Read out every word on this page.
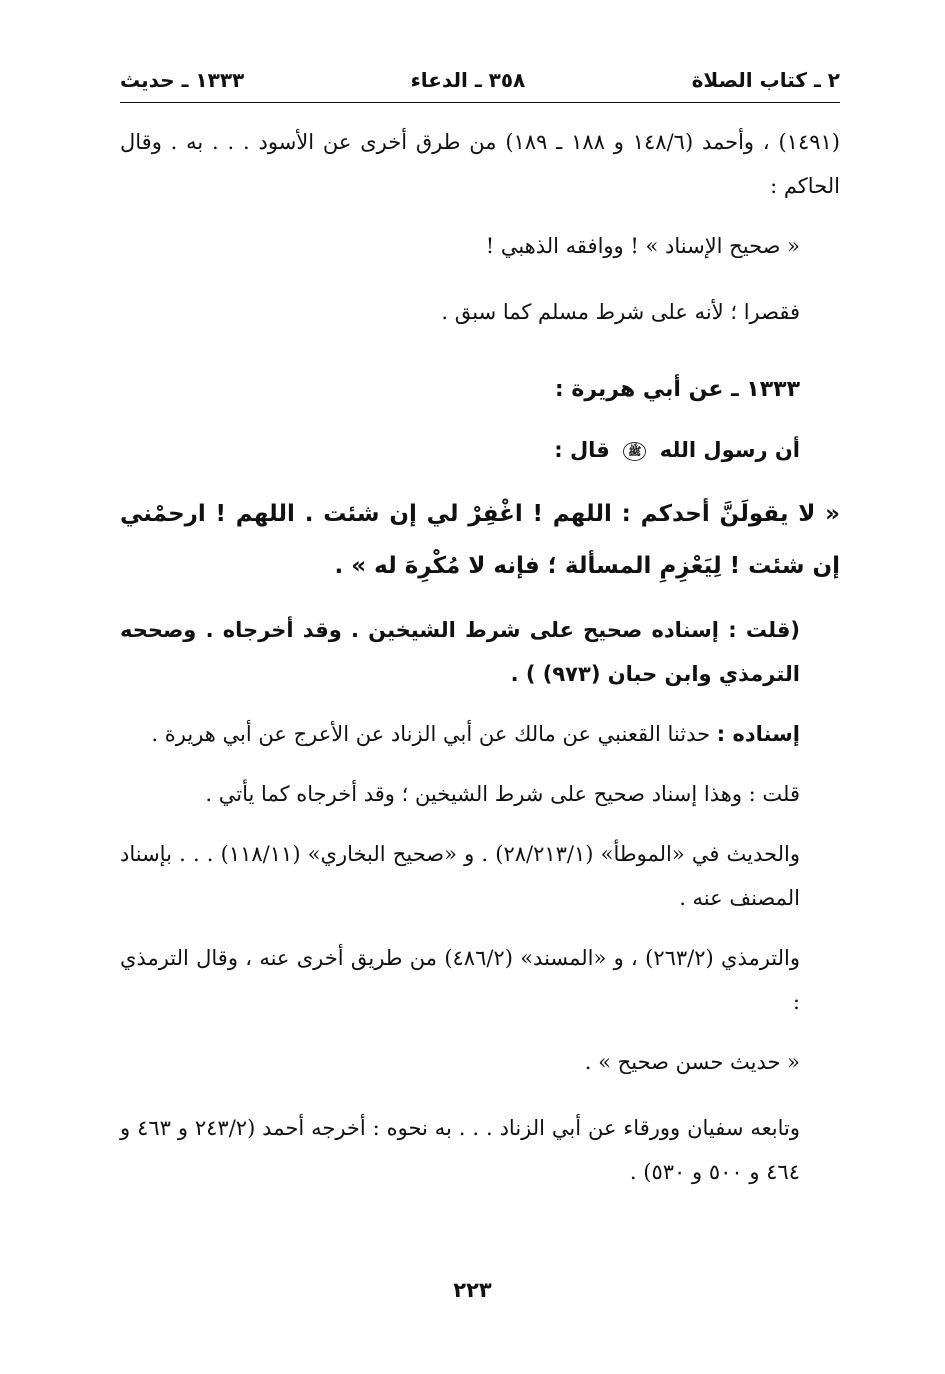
٢ ـ كتاب الصلاة
٣٥٨ ـ الدعاء
١٣٣٣ ـ حديث

(١٤٩١) ، وأحمد (١٤٨/٦ و ١٨٨ ـ ١٨٩) من طرق أخرى عن الأسود . . . به . وقال الحاكم :

« صحيح الإسناد » ! ووافقه الذهبي !

فقصرا ؛ لأنه على شرط مسلم كما سبق .

١٣٣٣ ـ عن أبي هريرة :

أن رسول الله ﷺ قال :

« لا يقولَنَّ أحدكم : اللهم ! اغْفِرْ لي إن شئت . اللهم ! ارحمْني إن شئت ! لِيَعْزِمِ المسألة ؛ فإنه لا مُكْرِهَ له » .

(قلت : إسناده صحيح على شرط الشيخين . وقد أخرجاه . وصححه الترمذي وابن حبان (٩٧٣) ) .

إسناده : حدثنا القعنبي عن مالك عن أبي الزناد عن الأعرج عن أبي هريرة .

قلت : وهذا إسناد صحيح على شرط الشيخين ؛ وقد أخرجاه كما يأتي .

والحديث في «الموطأ» (٢٨/٢١٣/١) . و «صحيح البخاري» (١١٨/١١) . . . بإسناد المصنف عنه .

والترمذي (٢٦٣/٢) ، و «المسند» (٤٨٦/٢) من طريق أخرى عنه ، وقال الترمذي :

« حديث حسن صحيح » .

وتابعه سفيان وورقاء عن أبي الزناد . . . به نحوه : أخرجه أحمد (٢٤٣/٢ و ٤٦٣ و ٤٦٤ و ٥٠٠ و ٥٣٠) .

٢٢٣
